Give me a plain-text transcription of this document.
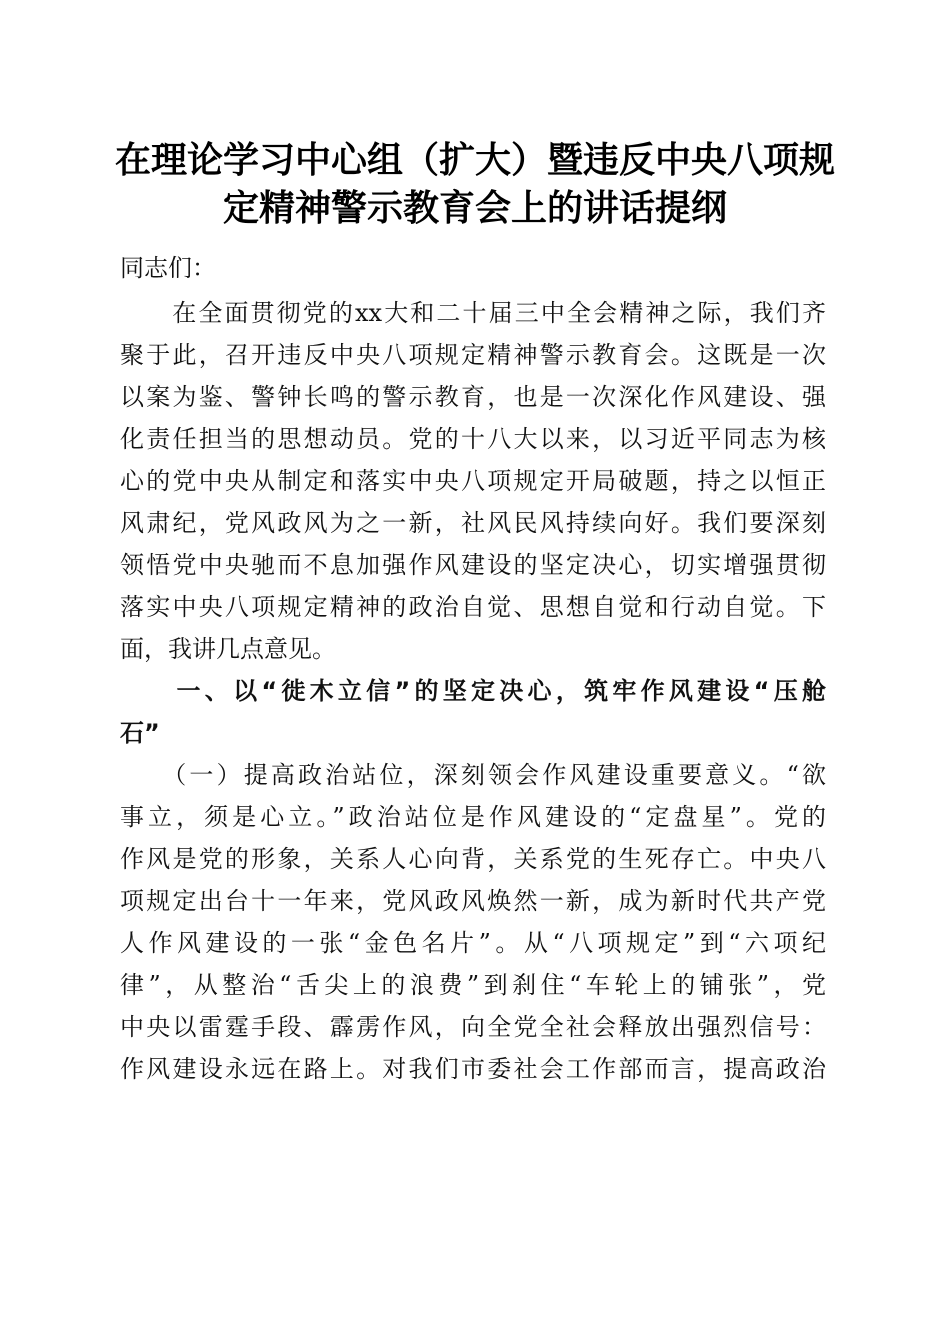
在理论学习中心组（扩大）暨违反中央八项规
定精神警示教育会上的讲话提纲

同志们：

　　在全面贯彻党的xx大和二十届三中全会精神之际，我们齐

聚于此，召开违反中央八项规定精神警示教育会。这既是一次

以案为鉴、警钟长鸣的警示教育，也是一次深化作风建设、强

化责任担当的思想动员。党的十八大以来，以习近平同志为核

心的党中央从制定和落实中央八项规定开局破题，持之以恒正

风肃纪，党风政风为之一新，社风民风持续向好。我们要深刻

领悟党中央驰而不息加强作风建设的坚定决心，切实增强贯彻

落实中央八项规定精神的政治自觉、思想自觉和行动自觉。下

面，我讲几点意见。

　　一、以“徙木立信”的坚定决心，筑牢作风建设“压舱

石”

　　（一）提高政治站位，深刻领会作风建设重要意义。“欲

事立，须是心立。”政治站位是作风建设的“定盘星”。党的

作风是党的形象，关系人心向背，关系党的生死存亡。中央八

项规定出台十一年来，党风政风焕然一新，成为新时代共产党

人作风建设的一张“金色名片”。从“八项规定”到“六项纪

律”，从整治“舌尖上的浪费”到刹住“车轮上的铺张”，党

中央以雷霆手段、霹雳作风，向全党全社会释放出强烈信号：

作风建设永远在路上。对我们市委社会工作部而言，提高政治
